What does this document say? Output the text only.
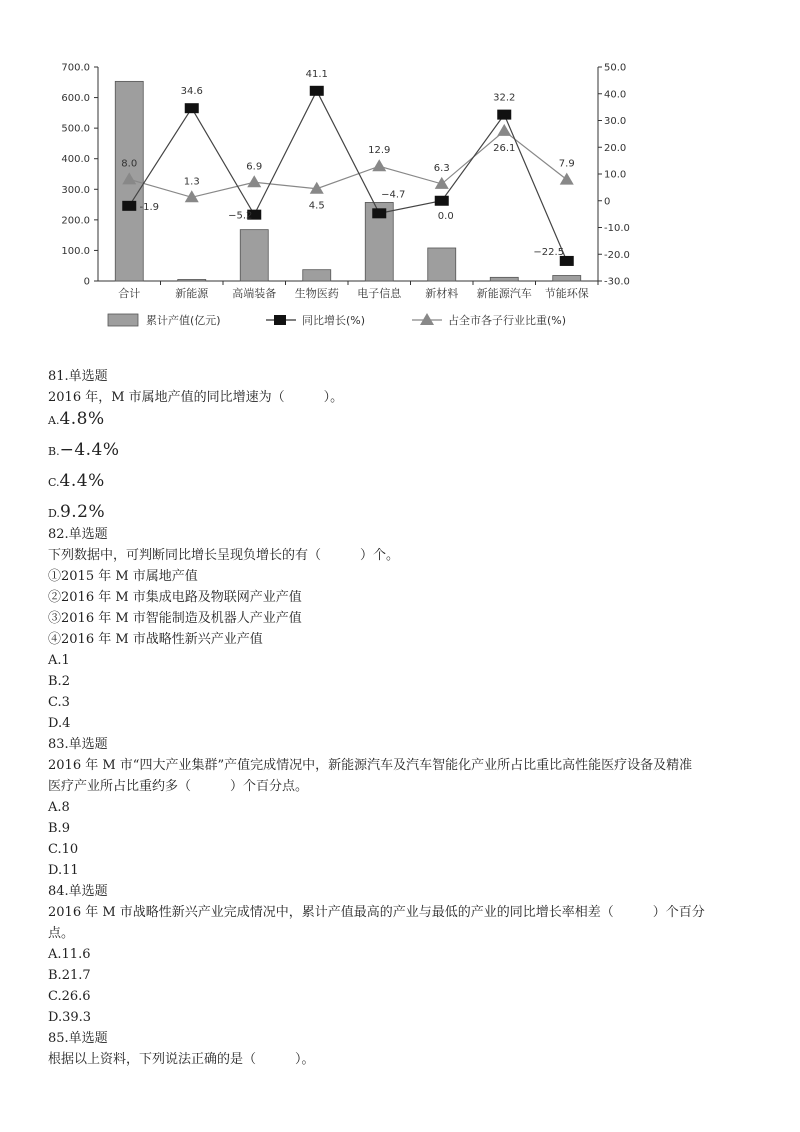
0
100.0
200.0
300.0
400.0
500.0
600.0
700.0
-30.0
-20.0
-10.0
0
10.0
20.0
30.0
40.0
50.0
合计	新能源 高端装备 生物医药 电子信息 新材料 新能源汽车 节能环保
-1.9
34.6
−5.2
41.1
−4.7
0.0
32.2
−22.5
8.0
1.3
6.9
4.5
12.9
6.3
26.1
7.9
累计产值(亿元)	同比增长(%)	占全市各子行业比重(%)
81.单选题
2016 年，M 市属地产值的同比增速为（　　　）。
A.4.8%
B.−4.4%
C.4.4%
D.9.2%
82.单选题
下列数据中，可判断同比增长呈现负增长的有（　　　）个。
①2015 年 M 市属地产值
②2016 年 M 市集成电路及物联网产业产值
③2016 年 M 市智能制造及机器人产业产值
④2016 年 M 市战略性新兴产业产值
A.1
B.2
C.3
D.4
83.单选题
2016 年 M 市“四大产业集群”产值完成情况中，新能源汽车及汽车智能化产业所占比重比高性能医疗设备及精准
医疗产业所占比重约多（　　　）个百分点。
A.8
B.9
C.10
D.11
84.单选题
2016 年 M 市战略性新兴产业完成情况中，累计产值最高的产业与最低的产业的同比增长率相差（　　　）个百分
点。
A.11.6
B.21.7
C.26.6
D.39.3
85.单选题
根据以上资料，下列说法正确的是（　　　）。
